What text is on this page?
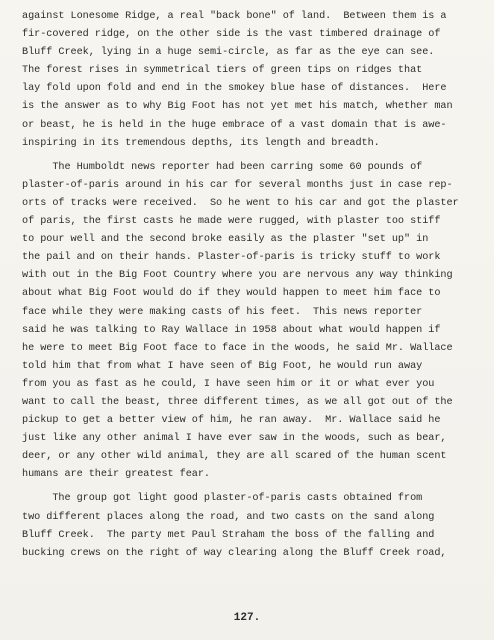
against Lonesome Ridge, a real "back bone" of land.  Between them is a
fir-covered ridge, on the other side is the vast timbered drainage of
Bluff Creek, lying in a huge semi-circle, as far as the eye can see.
The forest rises in symmetrical tiers of green tips on ridges that
lay fold upon fold and end in the smokey blue hase of distances.  Here
is the answer as to why Big Foot has not yet met his match, whether man
or beast, he is held in the huge embrace of a vast domain that is awe-
inspiring in its tremendous depths, its length and breadth.
The Humboldt news reporter had been carring some 60 pounds of
plaster-of-paris around in his car for several months just in case rep-
orts of tracks were received.  So he went to his car and got the plaster
of paris, the first casts he made were rugged, with plaster too stiff
to pour well and the second broke easily as the plaster "set up" in
the pail and on their hands. Plaster-of-paris is tricky stuff to work
with out in the Big Foot Country where you are nervous any way thinking
about what Big Foot would do if they would happen to meet him face to
face while they were making casts of his feet.  This news reporter
said he was talking to Ray Wallace in 1958 about what would happen if
he were to meet Big Foot face to face in the woods, he said Mr. Wallace
told him that from what I have seen of Big Foot, he would run away
from you as fast as he could, I have seen him or it or what ever you
want to call the beast, three different times, as we all got out of the
pickup to get a better view of him, he ran away.  Mr. Wallace said he
just like any other animal I have ever saw in the woods, such as bear,
deer, or any other wild animal, they are all scared of the human scent
humans are their greatest fear.
The group got light good plaster-of-paris casts obtained from
two different places along the road, and two casts on the sand along
Bluff Creek.  The party met Paul Straham the boss of the falling and
bucking crews on the right of way clearing along the Bluff Creek road,
127.
